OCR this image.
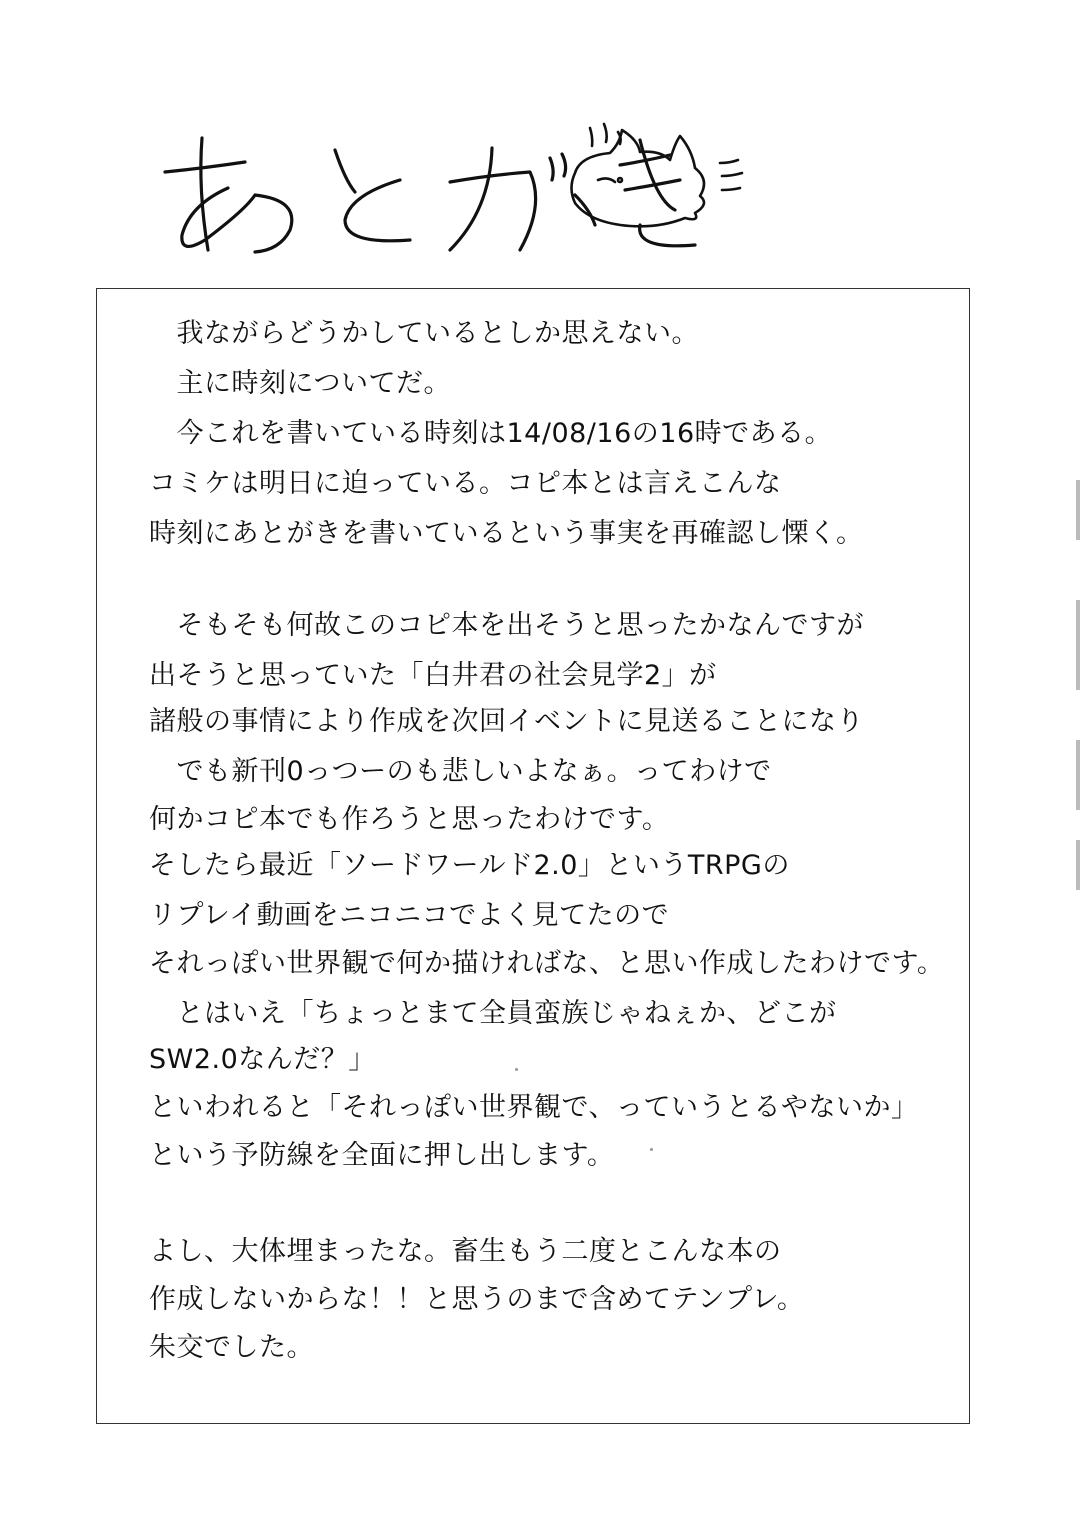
　我ながらどうかしているとしか思えない。
　主に時刻についてだ。
　今これを書いている時刻は14/08/16の16時である。
コミケは明日に迫っている。コピ本とは言えこんな
時刻にあとがきを書いているという事実を再確認し慄く。
　そもそも何故このコピ本を出そうと思ったかなんですが
出そうと思っていた「白井君の社会見学2」が
諸般の事情により作成を次回イベントに見送ることになり
　でも新刊0っつーのも悲しいよなぁ。ってわけで
何かコピ本でも作ろうと思ったわけです。
そしたら最近「ソードワールド2.0」というTRPGの
リプレイ動画をニコニコでよく見てたので
それっぽい世界観で何か描ければな、と思い作成したわけです。
　とはいえ「ちょっとまて全員蛮族じゃねぇか、どこが
SW2.0なんだ？」
といわれると「それっぽい世界観で、っていうとるやないか」
という予防線を全面に押し出します。
よし、大体埋まったな。畜生もう二度とこんな本の
作成しないからな！！と思うのまで含めてテンプレ。
朱交でした。
